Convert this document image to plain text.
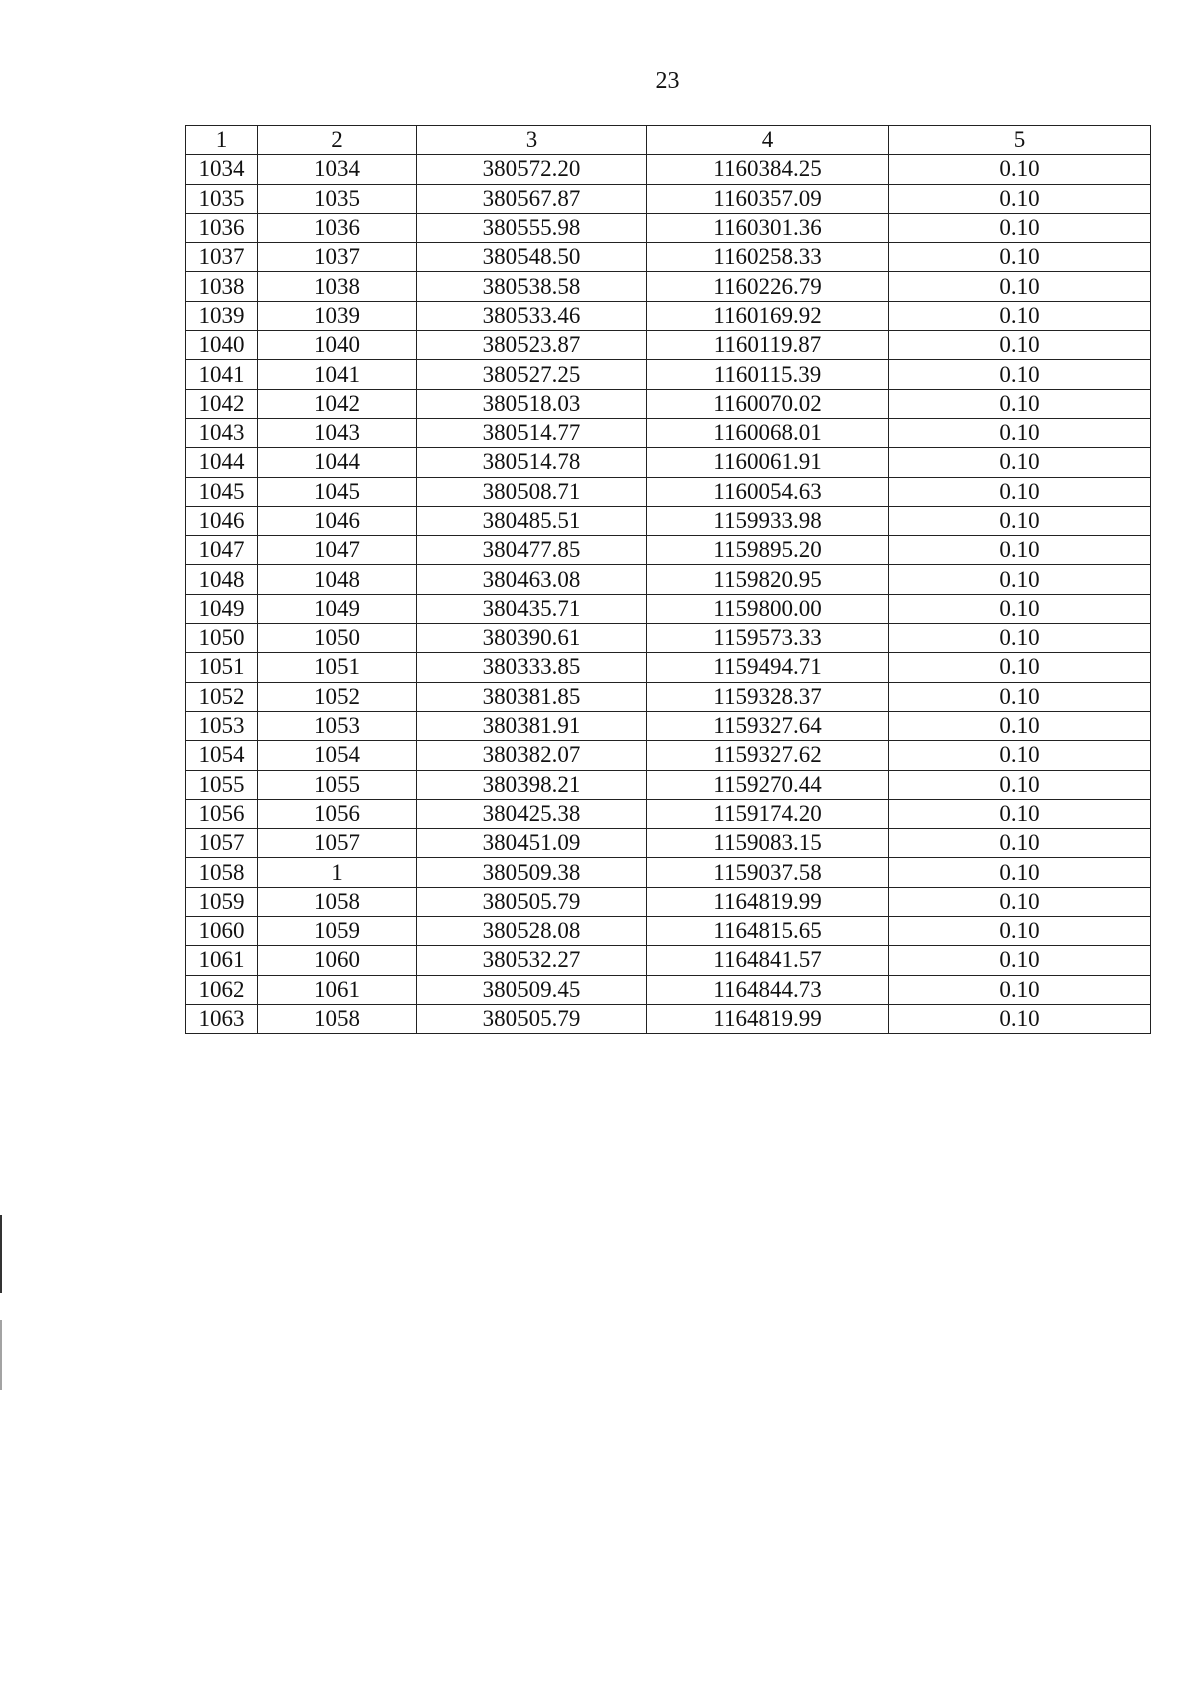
23
1	2	3	4	5
1034	1034	380572.20	1160384.25	0.10
1035	1035	380567.87	1160357.09	0.10
1036	1036	380555.98	1160301.36	0.10
1037	1037	380548.50	1160258.33	0.10
1038	1038	380538.58	1160226.79	0.10
1039	1039	380533.46	1160169.92	0.10
1040	1040	380523.87	1160119.87	0.10
1041	1041	380527.25	1160115.39	0.10
1042	1042	380518.03	1160070.02	0.10
1043	1043	380514.77	1160068.01	0.10
1044	1044	380514.78	1160061.91	0.10
1045	1045	380508.71	1160054.63	0.10
1046	1046	380485.51	1159933.98	0.10
1047	1047	380477.85	1159895.20	0.10
1048	1048	380463.08	1159820.95	0.10
1049	1049	380435.71	1159800.00	0.10
1050	1050	380390.61	1159573.33	0.10
1051	1051	380333.85	1159494.71	0.10
1052	1052	380381.85	1159328.37	0.10
1053	1053	380381.91	1159327.64	0.10
1054	1054	380382.07	1159327.62	0.10
1055	1055	380398.21	1159270.44	0.10
1056	1056	380425.38	1159174.20	0.10
1057	1057	380451.09	1159083.15	0.10
1058	1	380509.38	1159037.58	0.10
1059	1058	380505.79	1164819.99	0.10
1060	1059	380528.08	1164815.65	0.10
1061	1060	380532.27	1164841.57	0.10
1062	1061	380509.45	1164844.73	0.10
1063	1058	380505.79	1164819.99	0.10
